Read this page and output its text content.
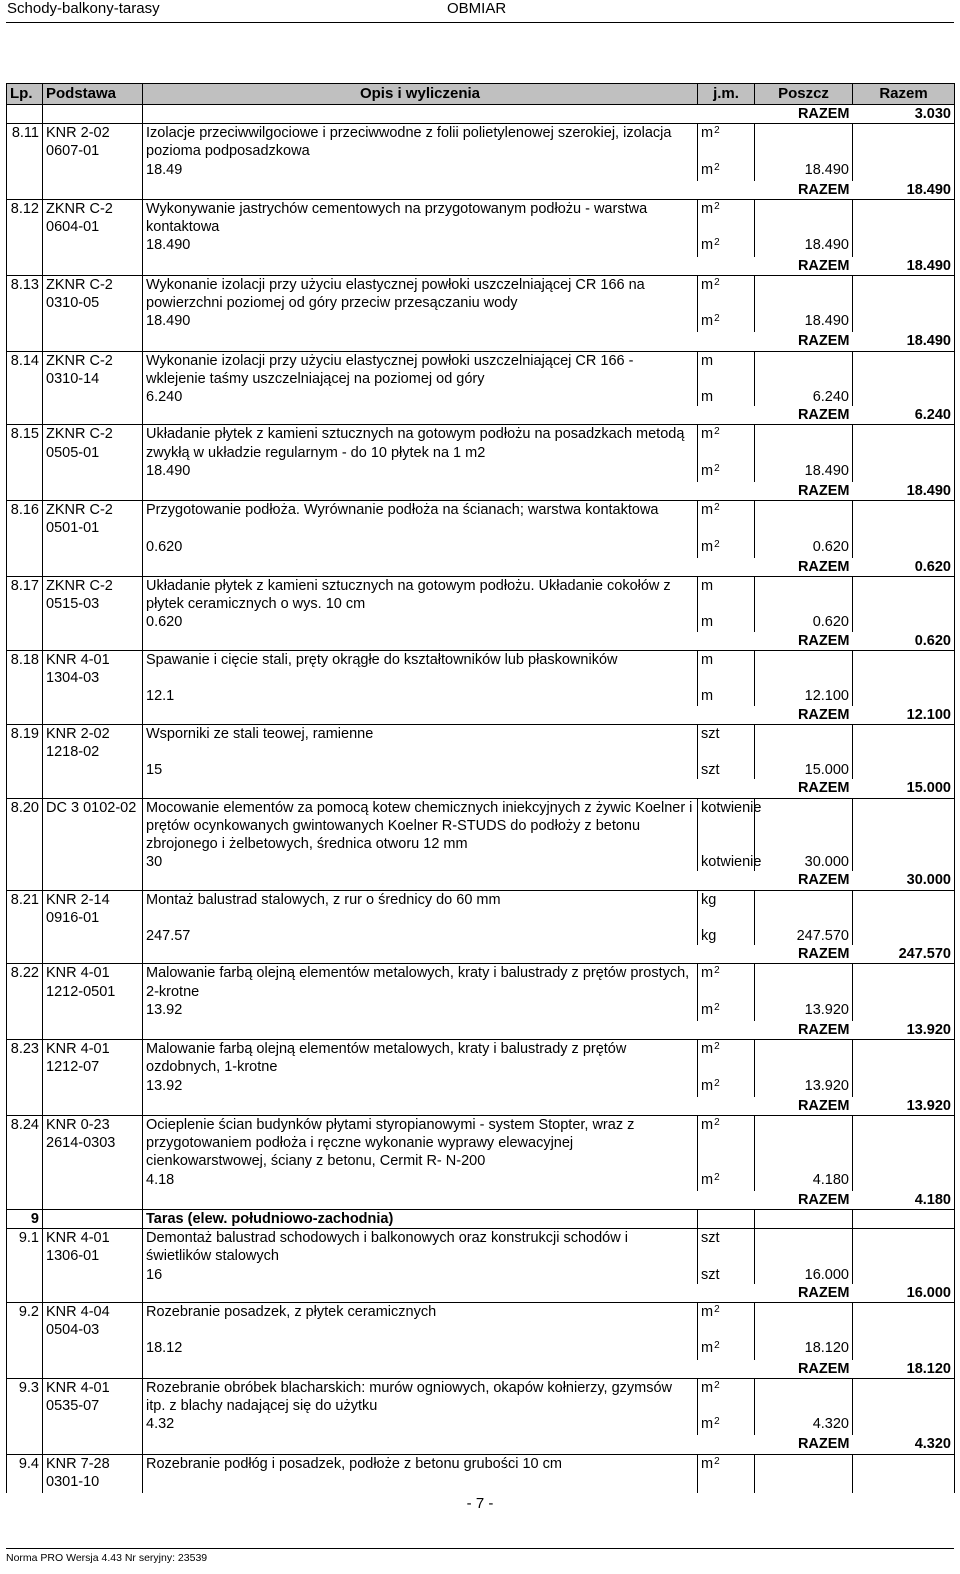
Schody-balkony-tarasy	OBMIAR
Lp.	Podstawa	Opis i wyliczenia	j.m.	Poszcz	Razem
				RAZEM	3.030
8.11	KNR 2-02 0607-01	Izolacje przeciwwilgociowe i przeciwwodne z folii polietylenowej szerokiej, izolacja pozioma podposadzkowa	$m^2$		
		18.49	$m^2$	18.490	
				RAZEM	18.490
8.12	ZKNR C-2 0604-01	Wykonywanie jastrychów cementowych na przygotowanym podłożu - warstwa kontaktowa	$m^2$		
		18.490	$m^2$	18.490	
				RAZEM	18.490
8.13	ZKNR C-2 0310-05	Wykonanie izolacji przy użyciu elastycznej powłoki uszczelniającej CR 166 na powierzchni poziomej od góry przeciw przesączaniu wody	$m^2$		
		18.490	$m^2$	18.490	
				RAZEM	18.490
8.14	ZKNR C-2 0310-14	Wykonanie izolacji przy użyciu elastycznej powłoki uszczelniającej CR 166 - wklejenie taśmy uszczelniającej na poziomej od góry	m		
		6.240	m	6.240	
				RAZEM	6.240
8.15	ZKNR C-2 0505-01	Układanie płytek z kamieni sztucznych na gotowym podłożu na posadzkach metodą zwykłą w układzie regularnym - do 10 płytek na 1 m2	$m^2$		
		18.490	$m^2$	18.490	
				RAZEM	18.490
8.16	ZKNR C-2 0501-01	Przygotowanie podłoża. Wyrównanie podłoża na ścianach; warstwa kontaktowa	$m^2$		
		0.620	$m^2$	0.620	
				RAZEM	0.620
8.17	ZKNR C-2 0515-03	Układanie płytek z kamieni sztucznych na gotowym podłożu. Układanie cokołów z płytek ceramicznych o wys. 10 cm	m		
		0.620	m	0.620	
				RAZEM	0.620
8.18	KNR 4-01 1304-03	Spawanie i cięcie stali, pręty okrągłe do kształtowników lub płaskowników	m		
		12.1	m	12.100	
				RAZEM	12.100
8.19	KNR 2-02 1218-02	Wsporniki ze stali teowej, ramienne	szt		
		15	szt	15.000	
				RAZEM	15.000
8.20	DC 3 0102-02	Mocowanie elementów za pomocą kotew chemicznych iniekcyjnych z żywic Koelner i prętów ocynkowanych gwintowanych Koelner R-STUDS do podłoży z betonu zbrojonego i żelbetowych, średnica otworu 12 mm	kotwienie		
		30	kotwienie	30.000	
				RAZEM	30.000
8.21	KNR 2-14 0916-01	Montaż balustrad stalowych, z rur o średnicy do 60 mm	kg		
		247.57	kg	247.570	
				RAZEM	247.570
8.22	KNR 4-01 1212-0501	Malowanie farbą olejną elementów metalowych, kraty i balustrady z prętów prostych, 2-krotne	$m^2$		
		13.92	$m^2$	13.920	
				RAZEM	13.920
8.23	KNR 4-01 1212-07	Malowanie farbą olejną elementów metalowych, kraty i balustrady z prętów ozdobnych, 1-krotne	$m^2$		
		13.92	$m^2$	13.920	
				RAZEM	13.920
8.24	KNR 0-23 2614-0303	Ocieplenie ścian budynków płytami styropianowymi - system Stopter, wraz z przygotowaniem podłoża i ręczne wykonanie wyprawy elewacyjnej cienkowarstwowej, ściany z betonu, Cermit R- N-200	$m^2$		
		4.18	$m^2$	4.180	
				RAZEM	4.180
9		Taras (elew. południowo-zachodnia)			
9.1	KNR 4-01 1306-01	Demontaż balustrad schodowych i balkonowych oraz konstrukcji schodów i świetlików stalowych	szt		
		16	szt	16.000	
				RAZEM	16.000
9.2	KNR 4-04 0504-03	Rozebranie posadzek, z płytek ceramicznych	$m^2$		
		18.12	$m^2$	18.120	
				RAZEM	18.120
9.3	KNR 4-01 0535-07	Rozebranie obróbek blacharskich: murów ogniowych, okapów kołnierzy, gzymsów itp. z blachy nadającej się do użytku	$m^2$		
		4.32	$m^2$	4.320	
				RAZEM	4.320
9.4	KNR 7-28 0301-10	Rozebranie podłóg i posadzek, podłoże z betonu grubości 10 cm	$m^2$		
- 7 -
Norma PRO Wersja 4.43 Nr seryjny: 23539
